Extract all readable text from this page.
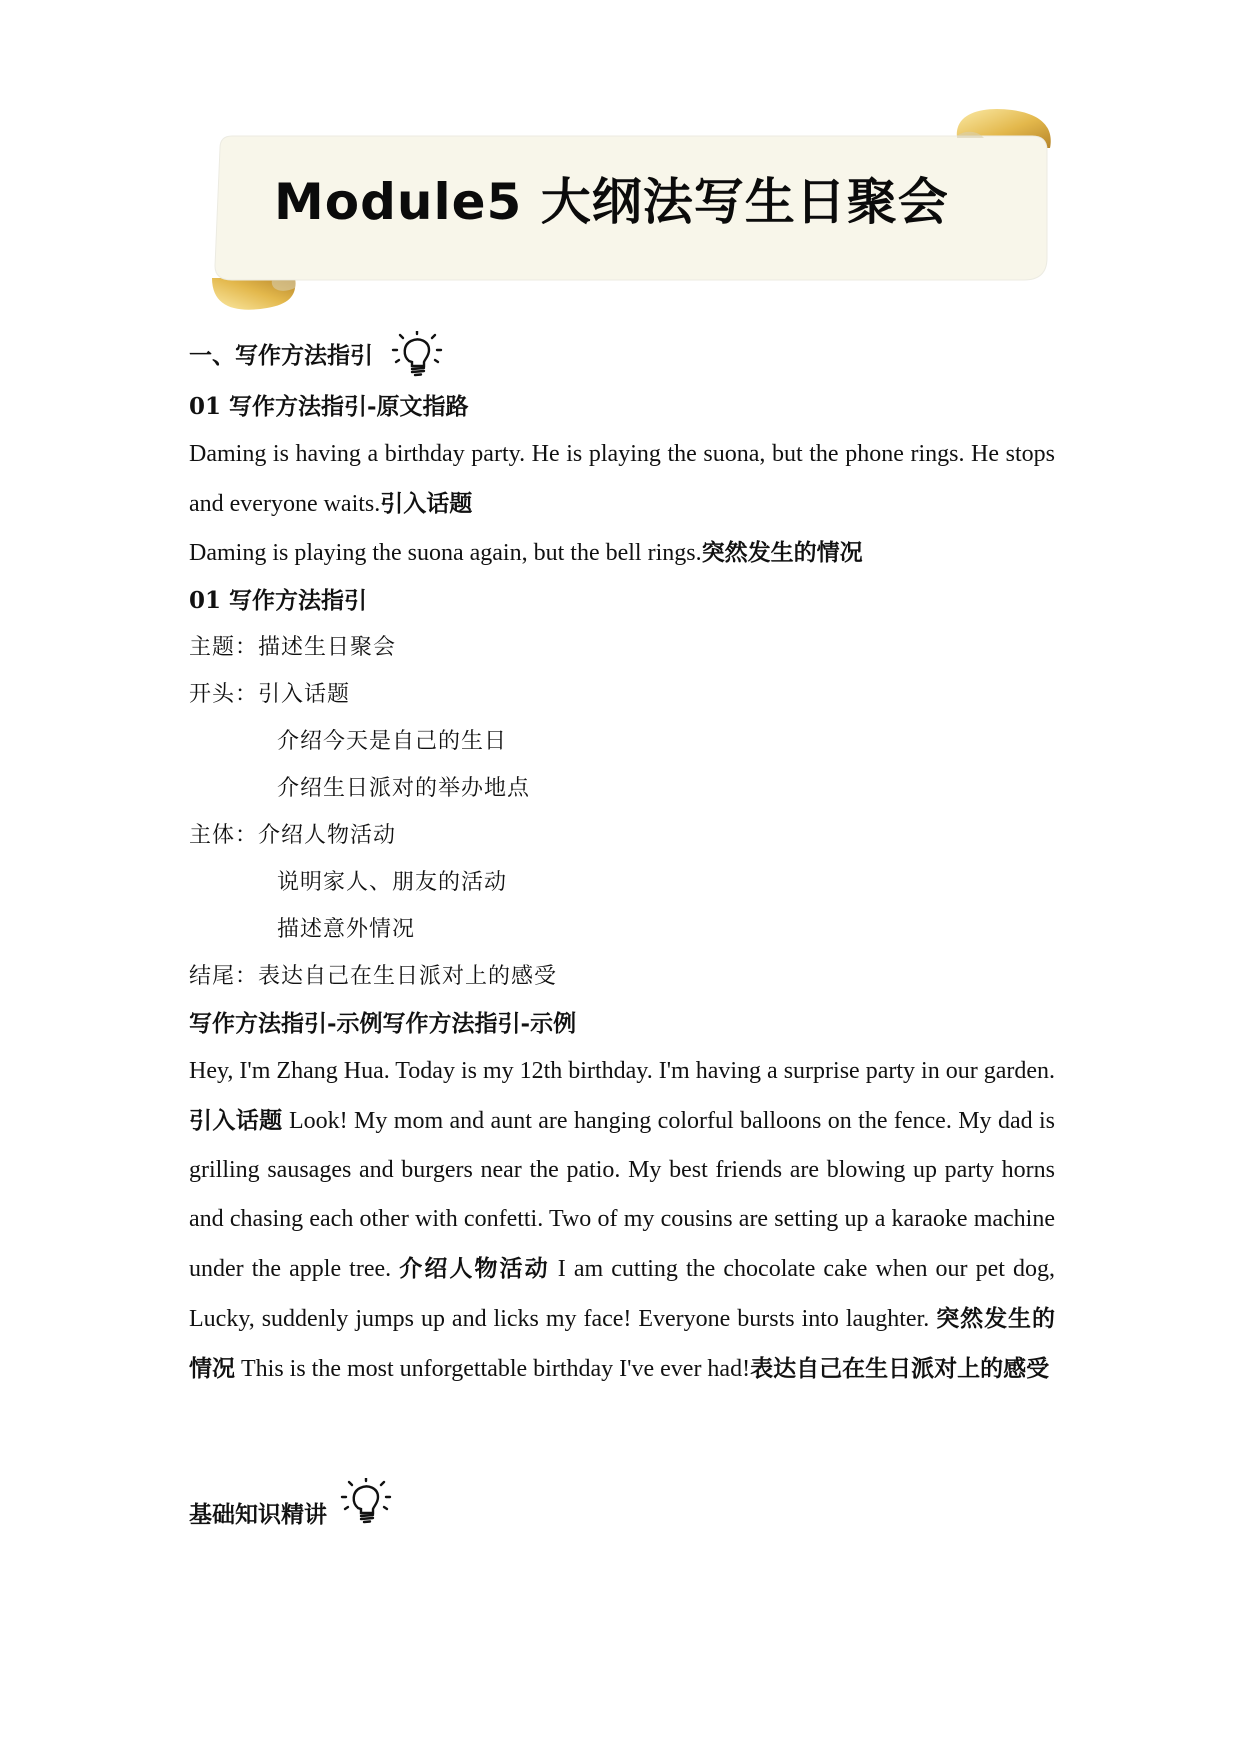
Module5 大纲法写生日聚会
一、写作方法指引
01 写作方法指引-原文指路
Daming is having a birthday party. He is playing the suona, but the phone rings. He stops and everyone waits.引入话题
Daming is playing the suona again, but the bell rings.突然发生的情况
01 写作方法指引
主题：描述生日聚会
开头：引入话题
介绍今天是自己的生日
介绍生日派对的举办地点
主体：介绍人物活动
说明家人、朋友的活动
描述意外情况
结尾：表达自己在生日派对上的感受
写作方法指引-示例写作方法指引-示例
Hey, I'm Zhang Hua. Today is my 12th birthday. I'm having a surprise party in our garden. 引入话题 Look! My mom and aunt are hanging colorful balloons on the fence. My dad is grilling sausages and burgers near the patio. My best friends are blowing up party horns and chasing each other with confetti. Two of my cousins are setting up a karaoke machine under the apple tree. 介绍人物活动 I am cutting the chocolate cake when our pet dog, Lucky, suddenly jumps up and licks my face! Everyone bursts into laughter. 突然发生的情况 This is the most unforgettable birthday I've ever had!表达自己在生日派对上的感受
基础知识精讲
